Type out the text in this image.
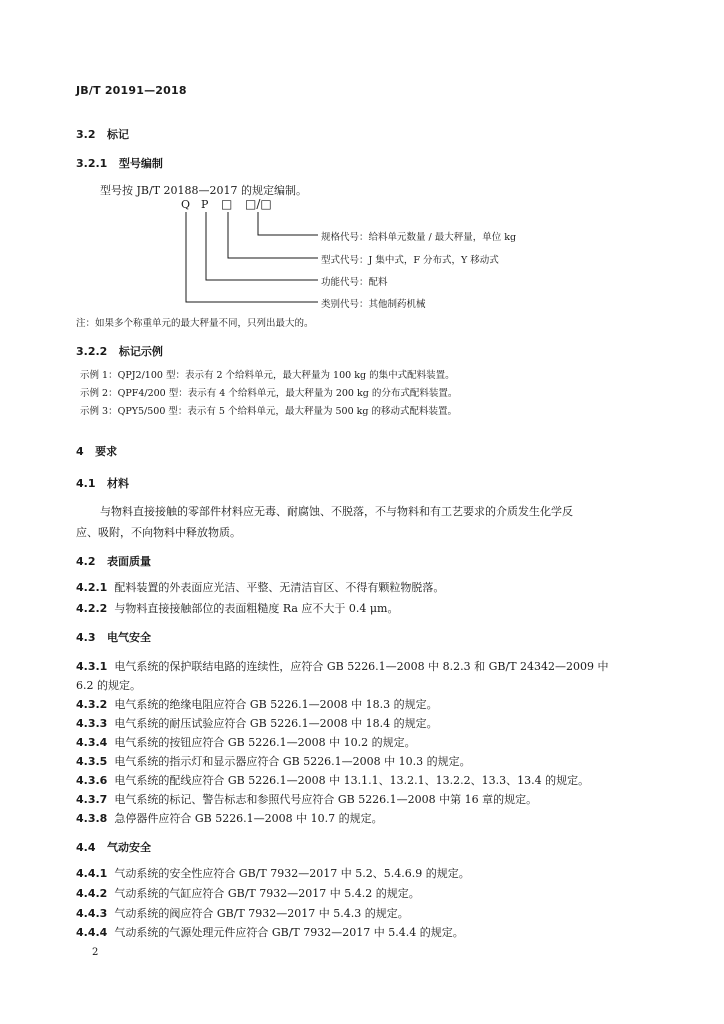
JB/T 20191—2018
3.2 标记
3.2.1 型号编制
型号按 JB/T 20188—2017 的规定编制。
Q P □ □/□
规格代号：给料单元数量 / 最大秤量，单位 kg
型式代号：J 集中式，F 分布式，Y 移动式
功能代号：配料
类别代号：其他制药机械
注：如果多个称重单元的最大秤量不同，只列出最大的。
3.2.2 标记示例
示例 1：QPJ2/100 型：表示有 2 个给料单元，最大秤量为 100 kg 的集中式配料装置。
示例 2：QPF4/200 型：表示有 4 个给料单元，最大秤量为 200 kg 的分布式配料装置。
示例 3：QPY5/500 型：表示有 5 个给料单元，最大秤量为 500 kg 的移动式配料装置。
4 要求
4.1 材料
与物料直接接触的零部件材料应无毒、耐腐蚀、不脱落，不与物料和有工艺要求的介质发生化学反
应、吸附，不向物料中释放物质。
4.2 表面质量
4.2.1 配料装置的外表面应光洁、平整、无清洁盲区、不得有颗粒物脱落。
4.2.2 与物料直接接触部位的表面粗糙度 Ra 应不大于 0.4 μm。
4.3 电气安全
4.3.1 电气系统的保护联结电路的连续性，应符合 GB 5226.1—2008 中 8.2.3 和 GB/T 24342—2009 中
6.2 的规定。
4.3.2 电气系统的绝缘电阻应符合 GB 5226.1—2008 中 18.3 的规定。
4.3.3 电气系统的耐压试验应符合 GB 5226.1—2008 中 18.4 的规定。
4.3.4 电气系统的按钮应符合 GB 5226.1—2008 中 10.2 的规定。
4.3.5 电气系统的指示灯和显示器应符合 GB 5226.1—2008 中 10.3 的规定。
4.3.6 电气系统的配线应符合 GB 5226.1—2008 中 13.1.1、13.2.1、13.2.2、13.3、13.4 的规定。
4.3.7 电气系统的标记、警告标志和参照代号应符合 GB 5226.1—2008 中第 16 章的规定。
4.3.8 急停器件应符合 GB 5226.1—2008 中 10.7 的规定。
4.4 气动安全
4.4.1 气动系统的安全性应符合 GB/T 7932—2017 中 5.2、5.4.6.9 的规定。
4.4.2 气动系统的气缸应符合 GB/T 7932—2017 中 5.4.2 的规定。
4.4.3 气动系统的阀应符合 GB/T 7932—2017 中 5.4.3 的规定。
4.4.4 气动系统的气源处理元件应符合 GB/T 7932—2017 中 5.4.4 的规定。
2
